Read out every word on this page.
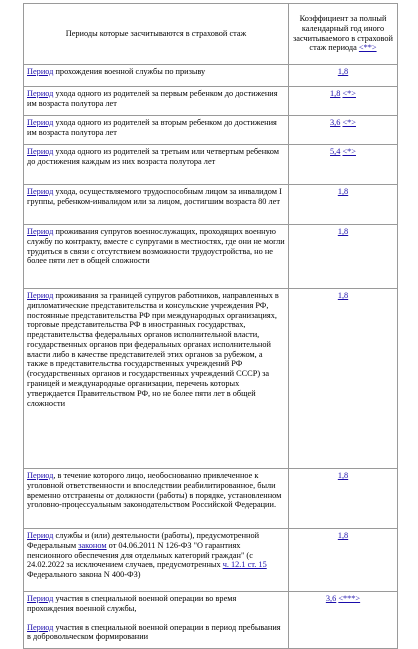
Периоды которые засчитываются в страховой стаж	Коэффициент за полный календарный год иного засчитываемого в страховой стаж периода <**>
Период прохождения военной службы по призыву	1,8
Период ухода одного из родителей за первым ребенком до достижения им возраста полутора лет	1,8 <*>
Период ухода одного из родителей за вторым ребенком до достижения им возраста полутора лет	3,6 <*>
Период ухода одного из родителей за третьим или четвертым ребенком до достижения каждым из них возраста полутора лет	5,4 <*>
Период ухода, осуществляемого трудоспособным лицом за инвалидом I группы, ребенком-инвалидом или за лицом, достигшим возраста 80 лет	1,8
Период проживания супругов военнослужащих, проходящих военную службу по контракту, вместе с супругами в местностях, где они не могли трудиться в связи с отсутствием возможности трудоустройства, но не более пяти лет в общей сложности	1,8
Период проживания за границей супругов работников, направленных в дипломатические представительства и консульские учреждения РФ, постоянные представительства РФ при международных организациях, торговые представительства РФ в иностранных государствах, представительства федеральных органов исполнительной власти, государственных органов при федеральных органах исполнительной власти либо в качестве представителей этих органов за рубежом, а также в представительства государственных учреждений РФ (государственных органов и государственных учреждений СССР) за границей и международные организации, перечень которых утверждается Правительством РФ, но не более пяти лет в общей сложности	1,8
Период, в течение которого лицо, необоснованно привлеченное к уголовной ответственности и впоследствии реабилитированное, были временно отстранены от должности (работы) в порядке, установленном уголовно-процессуальным законодательством Российской Федерации.	1,8
Период службы и (или) деятельности (работы), предусмотренной Федеральным законом от 04.06.2011 N 126-ФЗ "О гарантиях пенсионного обеспечения для отдельных категорий граждан" (с 24.02.2022 за исключением случаев, предусмотренных ч. 12.1 ст. 15 Федерального закона N 400-ФЗ)	1,8

Период участия в специальной военной операции во время прохождения военной службы,

Период участия в специальной военной операции в период пребывания в добровольческом формировании	3,6 <***>
